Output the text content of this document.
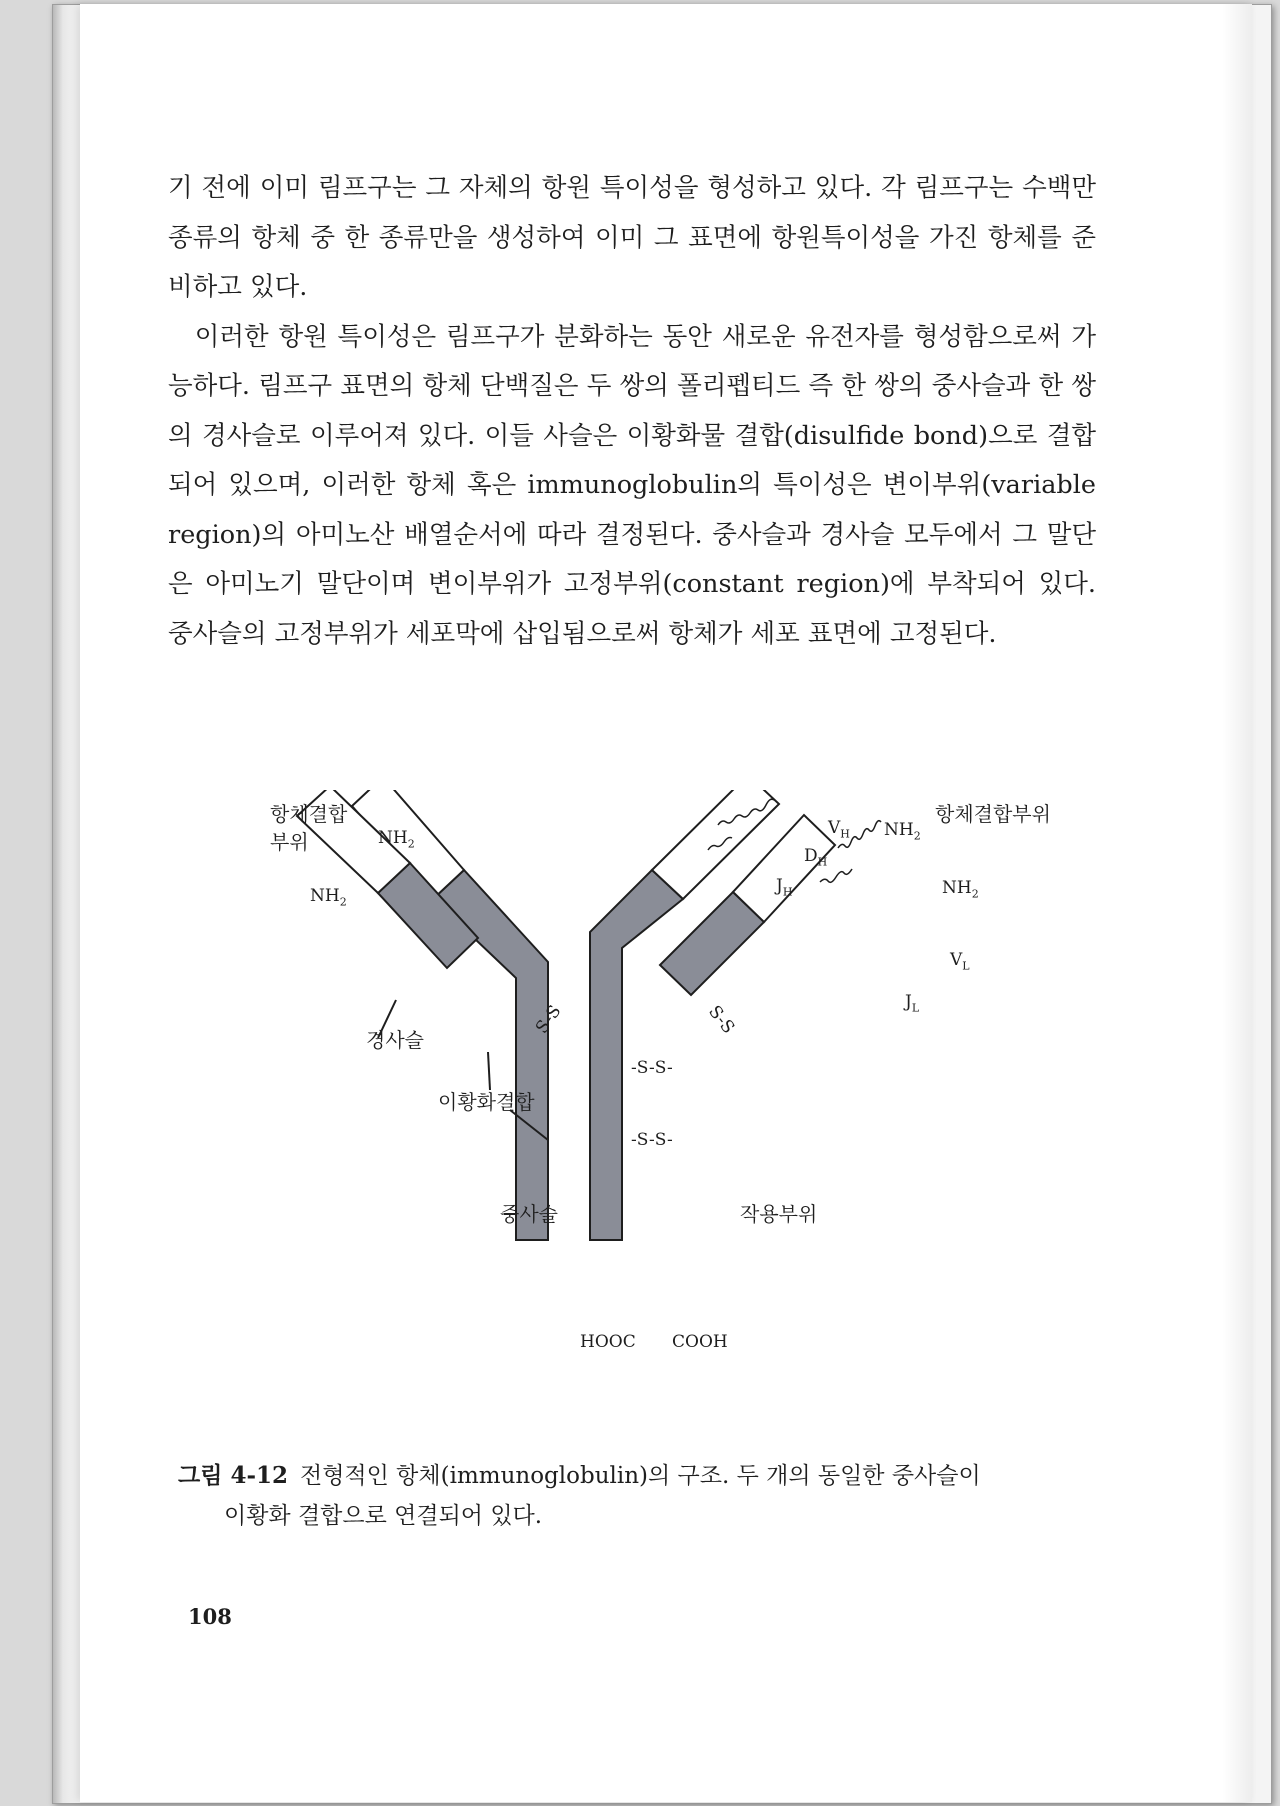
기 전에 이미 림프구는 그 자체의 항원 특이성을 형성하고 있다. 각 림프구는 수백만 종류의 항체 중 한 종류만을 생성하여 이미 그 표면에 항원특이성을 가진 항체를 준비하고 있다.

이러한 항원 특이성은 림프구가 분화하는 동안 새로운 유전자를 형성함으로써 가능하다. 림프구 표면의 항체 단백질은 두 쌍의 폴리펩티드 즉 한 쌍의 중사슬과 한 쌍의 경사슬로 이루어져 있다. 이들 사슬은 이황화물 결합(disulfide bond)으로 결합되어 있으며, 이러한 항체 혹은 immunoglobulin의 특이성은 변이부위(variable region)의 아미노산 배열순서에 따라 결정된다. 중사슬과 경사슬 모두에서 그 말단은 아미노기 말단이며 변이부위가 고정부위(constant region)에 부착되어 있다. 중사슬의 고정부위가 세포막에 삽입됨으로써 항체가 세포 표면에 고정된다.

항체결합
부위
항체결합부위
$NH_2$
$NH_2$
$NH_2$
$NH_2$
$V_H$
$D_H$
$J_H$
$V_L$
$J_L$
경사슬
이황화결합
중사슬	작용부위
S-S	S-S
-S-S-
-S-S-
HOOC COOH
그림 4-12 전형적인 항체(immunoglobulin)의 구조. 두 개의 동일한 중사슬이
이황화 결합으로 연결되어 있다.
108
